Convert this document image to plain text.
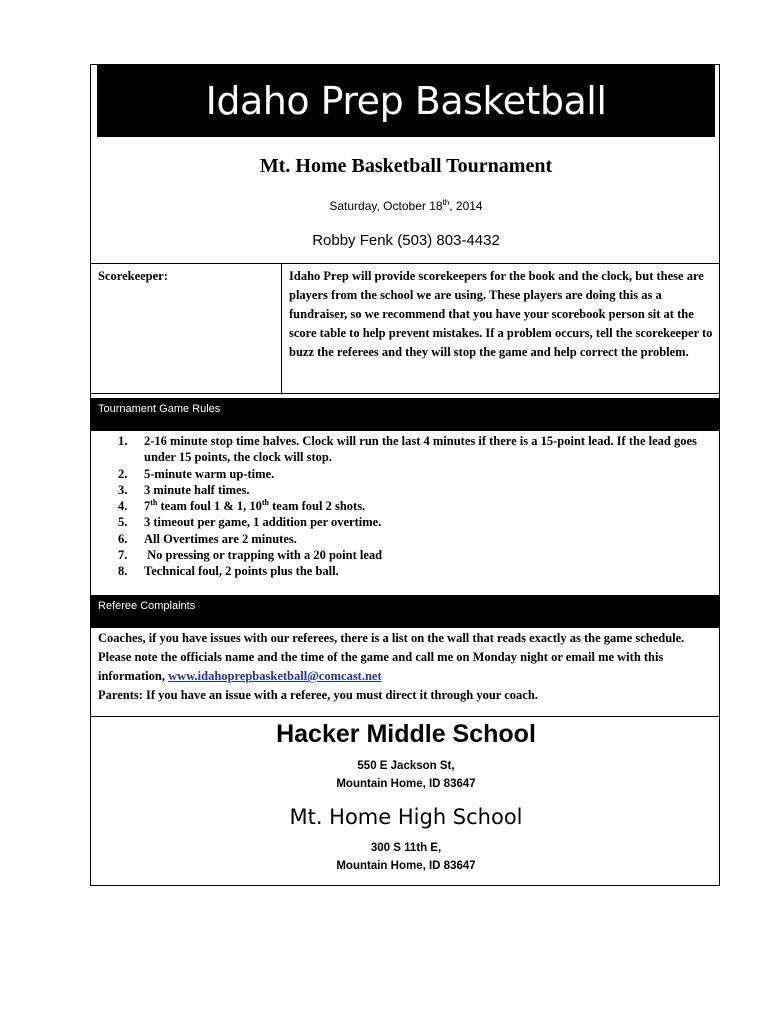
Idaho Prep Basketball
Mt. Home Basketball Tournament
Saturday, October 18th, 2014
Robby Fenk (503) 803-4432
Scorekeeper:	Idaho Prep will provide scorekeepers for the book and the clock, but these are players from the school we are using. These players are doing this as a fundraiser, so we recommend that you have your scorebook person sit at the score table to help prevent mistakes. If a problem occurs, tell the scorekeeper to buzz the referees and they will stop the game and help correct the problem.
Tournament Game Rules
1. 2-16 minute stop time halves. Clock will run the last 4 minutes if there is a 15-point lead. If the lead goes under 15 points, the clock will stop.
2. 5-minute warm up-time.
3. 3 minute half times.
4. 7th team foul 1 & 1, 10th team foul 2 shots.
5. 3 timeout per game, 1 addition per overtime.
6. All Overtimes are 2 minutes.
7. No pressing or trapping with a 20 point lead
8. Technical foul, 2 points plus the ball.
Referee Complaints
Coaches, if you have issues with our referees, there is a list on the wall that reads exactly as the game schedule. Please note the officials name and the time of the game and call me on Monday night or email me with this information, www.idahoprepbasketball@comcast.net
Parents: If you have an issue with a referee, you must direct it through your coach.
Hacker Middle School
550 E Jackson St,
Mountain Home, ID 83647
Mt. Home High School
300 S 11th E,
Mountain Home, ID 83647
